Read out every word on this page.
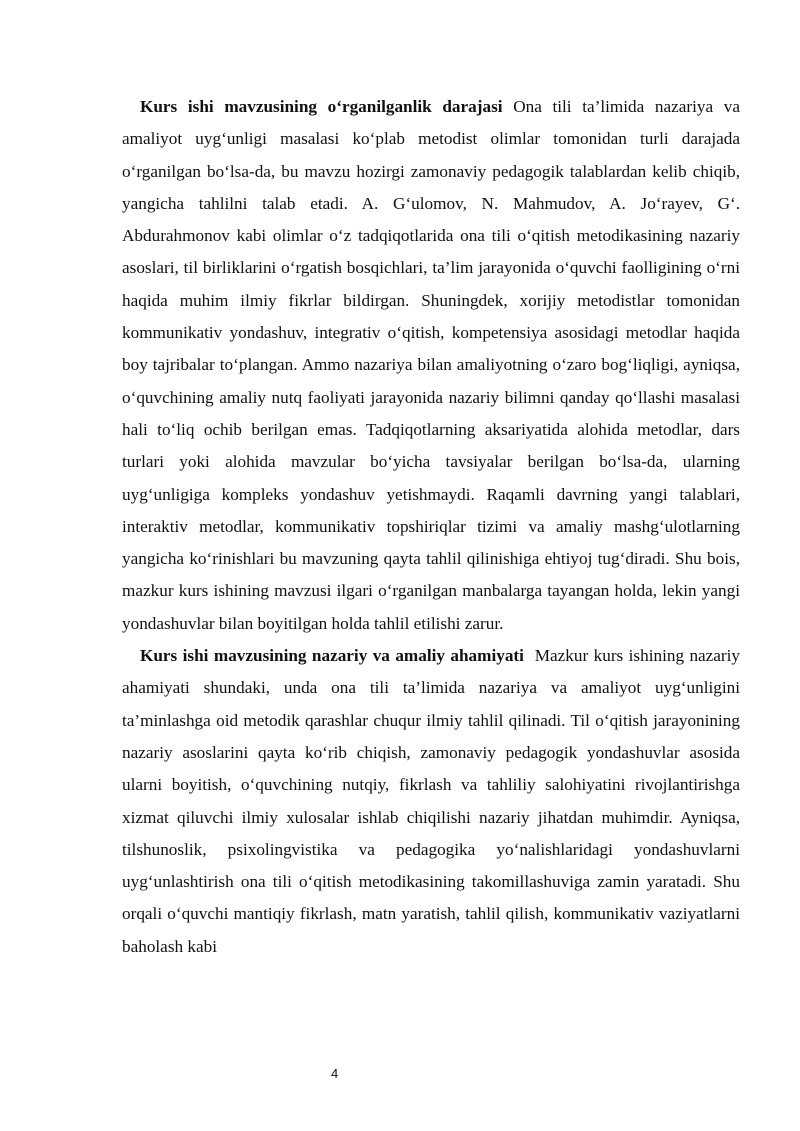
Kurs ishi mavzusining o‘rganilganlik darajasi Ona tili ta’limida nazariya va amaliyot uyg‘unligi masalasi ko‘plab metodist olimlar tomonidan turli darajada o‘rganilgan bo‘lsa-da, bu mavzu hozirgi zamonaviy pedagogik talablardan kelib chiqib, yangicha tahlilni talab etadi. A. G‘ulomov, N. Mahmudov, A. Jo‘rayev, G‘. Abdurahmonov kabi olimlar o‘z tadqiqotlarida ona tili o‘qitish metodikasining nazariy asoslari, til birliklarini o‘rgatish bosqichlari, ta’lim jarayonida o‘quvchi faolligining o‘rni haqida muhim ilmiy fikrlar bildirgan. Shuningdek, xorijiy metodistlar tomonidan kommunikativ yondashuv, integrativ o‘qitish, kompetensiya asosidagi metodlar haqida boy tajribalar to‘plangan. Ammo nazariya bilan amaliyotning o‘zaro bog‘liqligi, ayniqsa, o‘quvchining amaliy nutq faoliyati jarayonida nazariy bilimni qanday qo‘llashi masalasi hali to‘liq ochib berilgan emas. Tadqiqotlarning aksariyatida alohida metodlar, dars turlari yoki alohida mavzular bo‘yicha tavsiyalar berilgan bo‘lsa-da, ularning uyg‘unligiga kompleks yondashuv yetishmaydi. Raqamli davrning yangi talablari, interaktiv metodlar, kommunikativ topshiriqlar tizimi va amaliy mashg‘ulotlarning yangicha ko‘rinishlari bu mavzuning qayta tahlil qilinishiga ehtiyoj tug‘diradi. Shu bois, mazkur kurs ishining mavzusi ilgari o‘rganilgan manbalarga tayangan holda, lekin yangi yondashuvlar bilan boyitilgan holda tahlil etilishi zarur.

Kurs ishi mavzusining nazariy va amaliy ahamiyati Mazkur kurs ishining nazariy ahamiyati shundaki, unda ona tili ta’limida nazariya va amaliyot uyg‘unligini ta’minlashga oid metodik qarashlar chuqur ilmiy tahlil qilinadi. Til o‘qitish jarayonining nazariy asoslarini qayta ko‘rib chiqish, zamonaviy pedagogik yondashuvlar asosida ularni boyitish, o‘quvchining nutqiy, fikrlash va tahliliy salohiyatini rivojlantirishga xizmat qiluvchi ilmiy xulosalar ishlab chiqilishi nazariy jihatdan muhimdir. Ayniqsa, tilshunoslik, psixolingvistika va pedagogika yo‘nalishlaridagi yondashuvlarni uyg‘unlashtirish ona tili o‘qitish metodikasining takomillashuviga zamin yaratadi. Shu orqali o‘quvchi mantiqiy fikrlash, matn yaratish, tahlil qilish, kommunikativ vaziyatlarni baholash kabi

4
